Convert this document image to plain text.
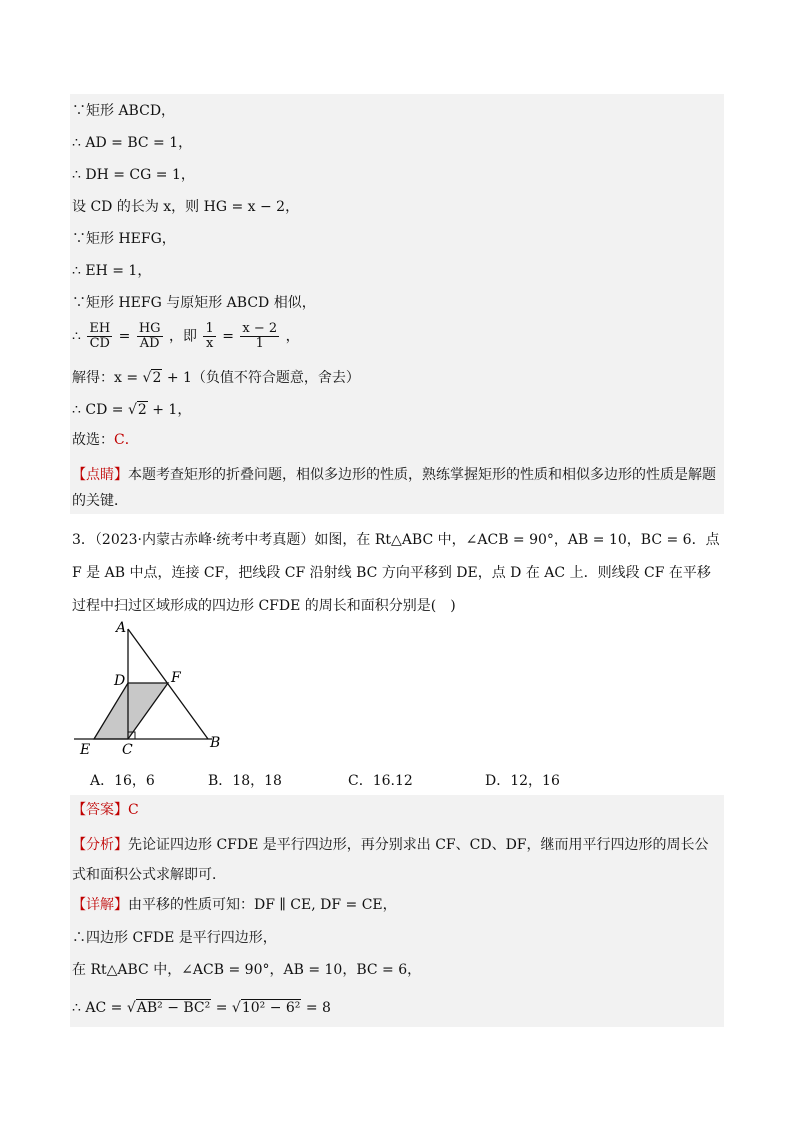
∵矩形 ABCD，
∴ AD = BC = 1，
∴ DH = CG = 1，
设 CD 的长为 x，则 HG = x − 2，
∵矩形 HEFG，
∴ EH = 1，
∵矩形 HEFG 与原矩形 ABCD 相似，
∴ $\frac{EH}{CD} = \frac{HG}{AD}$ ，即 $\frac{1}{x} = \frac{x - 2}{1}$ ，
解得：x = √2 + 1（负值不符合题意，舍去）
∴ CD = √2 + 1，
故选：C．
【点睛】本题考查矩形的折叠问题，相似多边形的性质，熟练掌握矩形的性质和相似多边形的性质是解题的关键．
3．（2023·内蒙古赤峰·统考中考真题）如图，在 Rt△ABC 中，∠ACB = 90°，AB = 10，BC = 6．点 F 是 AB 中点，连接 CF，把线段 CF 沿射线 BC 方向平移到 DE，点 D 在 AC 上．则线段 CF 在平移过程中扫过区域形成的四边形 CFDE 的周长和面积分别是(　)
A
D	F
E C	B
A．16，6	B．18，18	C．16.12	D．12，16
【答案】C
【分析】先论证四边形 CFDE 是平行四边形，再分别求出 CF、CD、DF，继而用平行四边形的周长公式和面积公式求解即可．
【详解】由平移的性质可知：DF ∥ CE, DF = CE，
∴四边形 CFDE 是平行四边形，
在 Rt△ABC 中，∠ACB = 90°，AB = 10，BC = 6，
∴ AC = √AB² − BC² = √10² − 6² = 8
